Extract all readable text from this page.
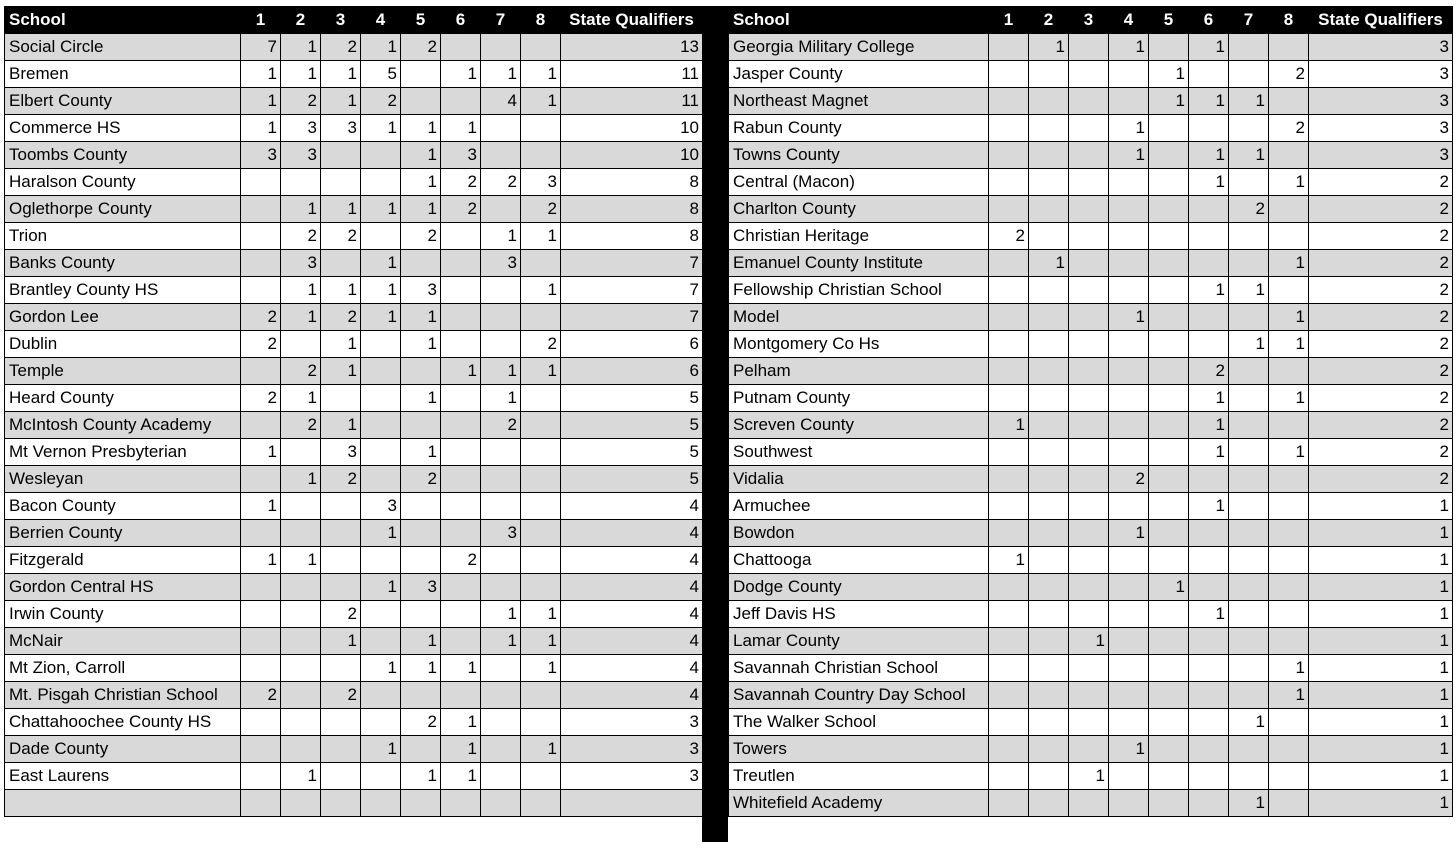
School	1	2	3	4	5	6	7	8	State Qualifiers
Social Circle	7	1	2	1	2				13
Bremen	1	1	1	5		1	1	1	11
Elbert County	1	2	1	2			4	1	11
Commerce HS	1	3	3	1	1	1			10
Toombs County	3	3			1	3			10
Haralson County					1	2	2	3	8
Oglethorpe County		1	1	1	1	2		2	8
Trion		2	2		2		1	1	8
Banks County		3		1			3		7
Brantley County HS		1	1	1	3			1	7
Gordon Lee	2	1	2	1	1				7
Dublin	2		1		1			2	6
Temple		2	1			1	1	1	6
Heard County	2	1			1		1		5
McIntosh County Academy		2	1				2		5
Mt Vernon Presbyterian	1		3		1				5
Wesleyan		1	2		2				5
Bacon County	1			3					4
Berrien County				1			3		4
Fitzgerald	1	1				2			4
Gordon Central HS				1	3				4
Irwin County			2				1	1	4
McNair			1		1		1	1	4
Mt Zion, Carroll				1	1	1		1	4
Mt. Pisgah Christian School	2		2						4
Chattahoochee County HS					2	1			3
Dade County				1		1		1	3
East Laurens		1			1	1			3

School	1	2	3	4	5	6	7	8	State Qualifiers
Georgia Military College		1		1		1			3
Jasper County					1			2	3
Northeast Magnet					1	1	1		3
Rabun County				1				2	3
Towns County				1		1	1		3
Central (Macon)						1		1	2
Charlton County							2		2
Christian Heritage	2								2
Emanuel County Institute		1						1	2
Fellowship Christian School						1	1		2
Model				1				1	2
Montgomery Co Hs							1	1	2
Pelham						2			2
Putnam County						1		1	2
Screven County	1					1			2
Southwest						1		1	2
Vidalia				2					2
Armuchee						1			1
Bowdon				1					1
Chattooga	1								1
Dodge County					1				1
Jeff Davis HS						1			1
Lamar County			1						1
Savannah Christian School								1	1
Savannah Country Day School								1	1
The Walker School							1		1
Towers				1					1
Treutlen			1						1
Whitefield Academy							1		1
